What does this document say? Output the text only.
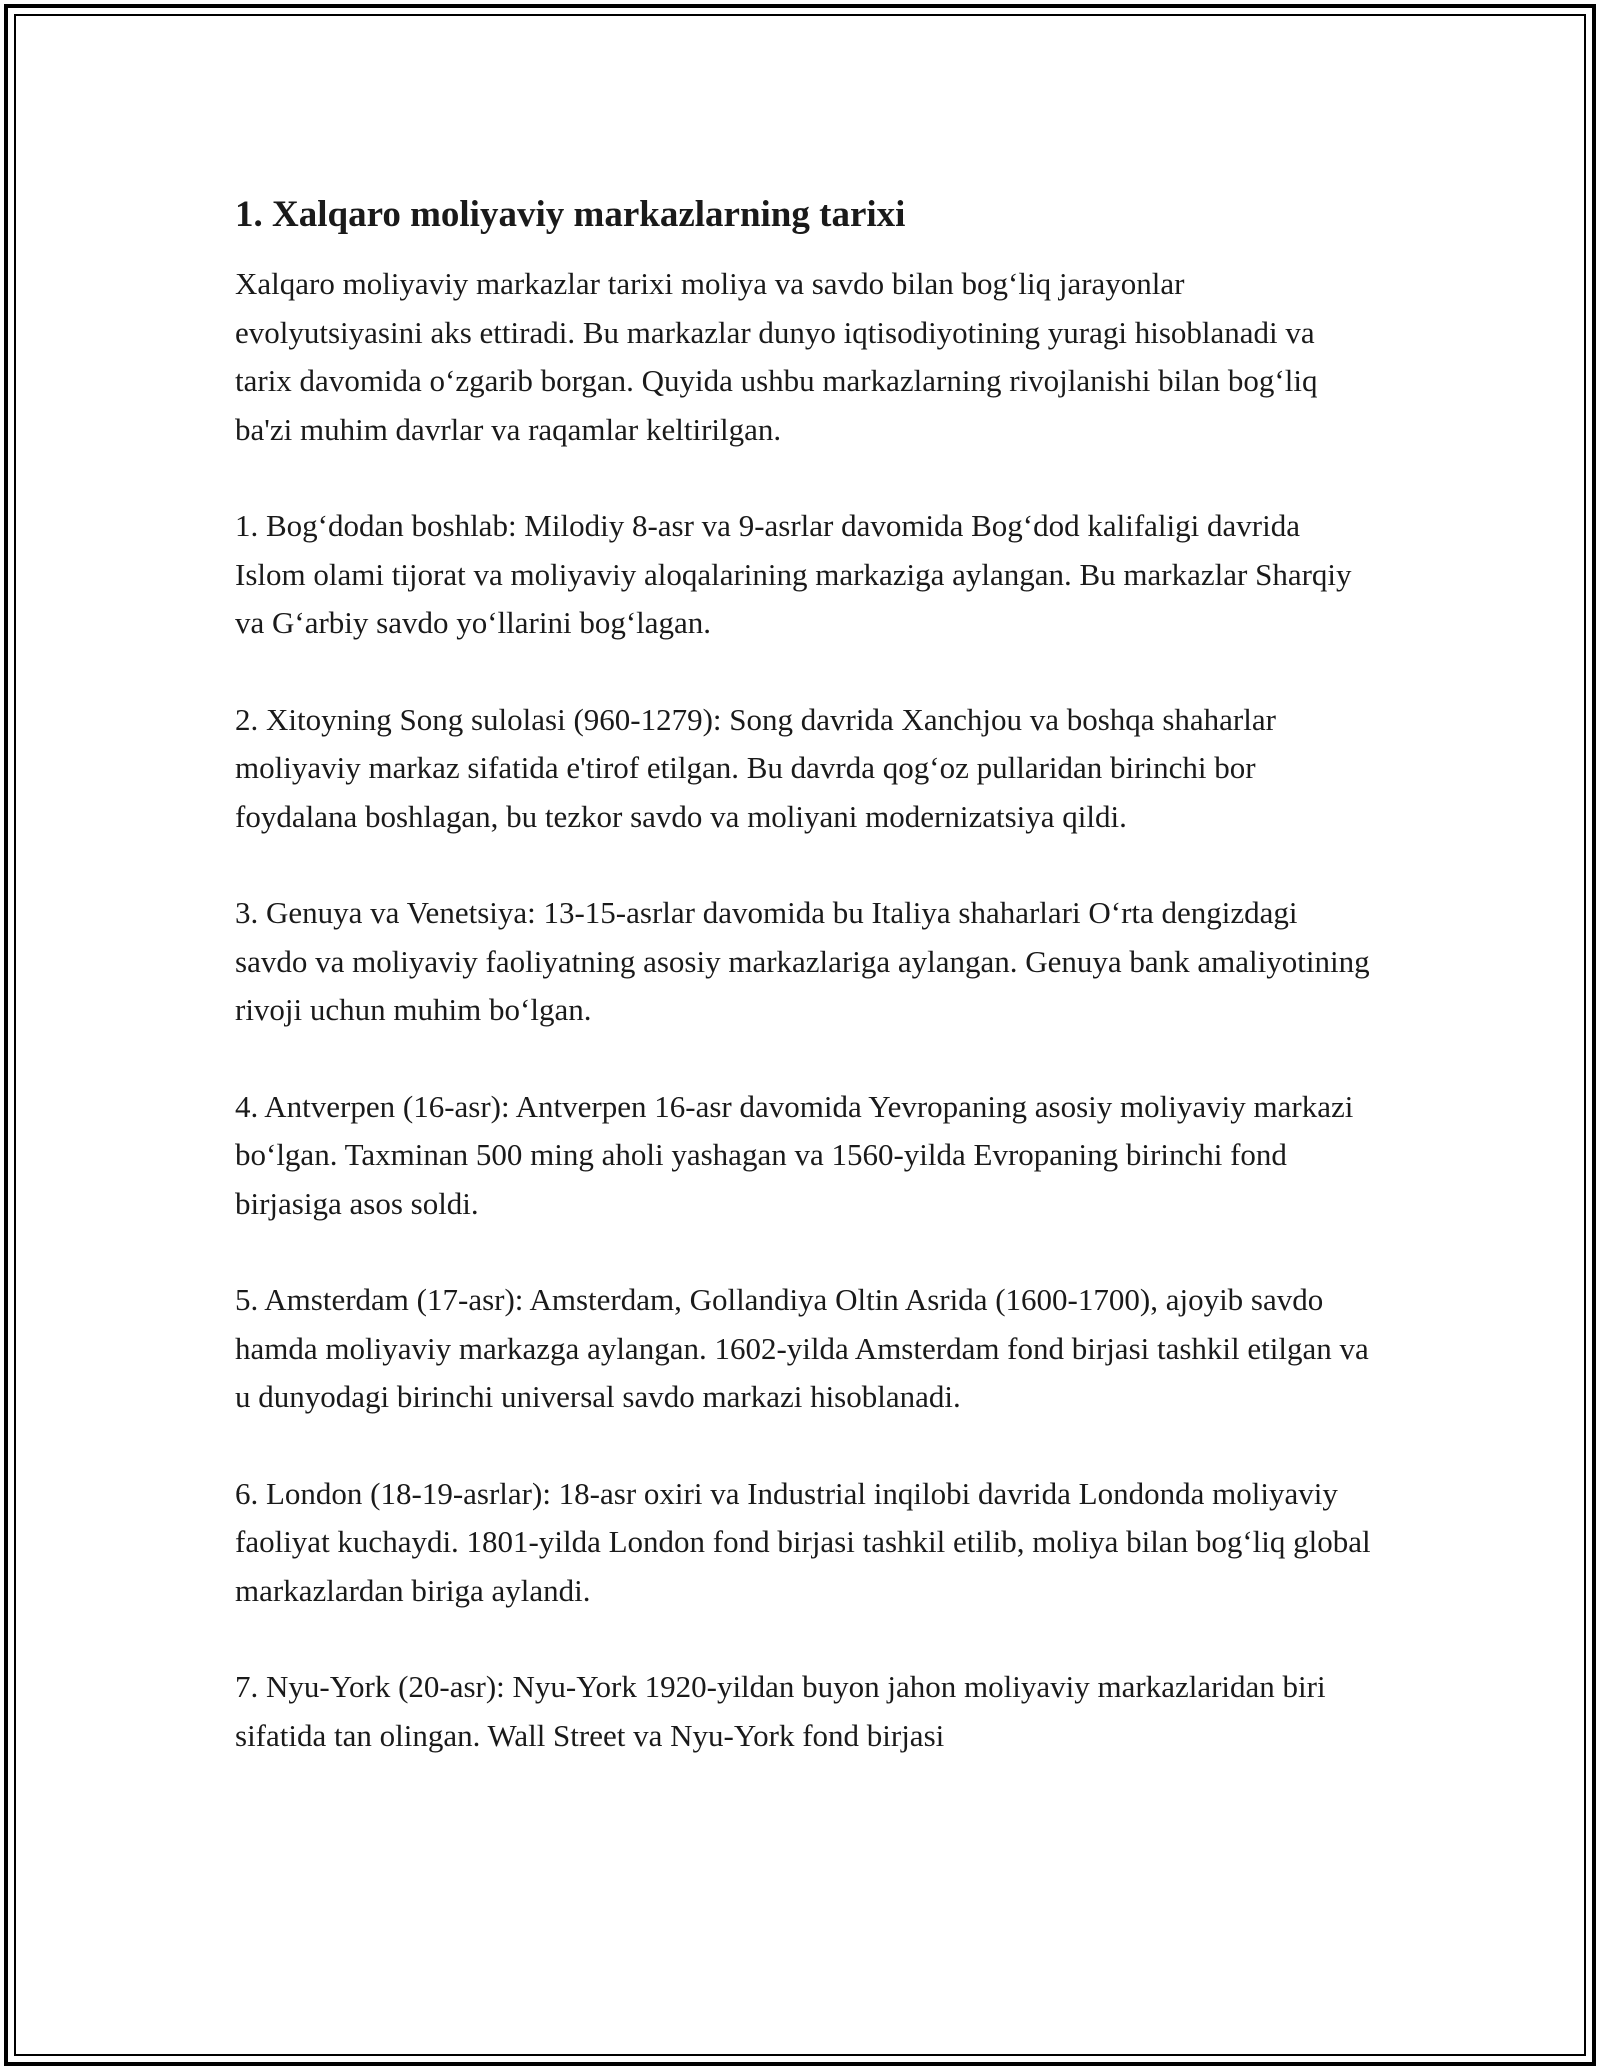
1. Xalqaro moliyaviy markazlarning tarixi

Xalqaro moliyaviy markazlar tarixi moliya va savdo bilan bog‘liq jarayonlar evolyutsiyasini aks ettiradi. Bu markazlar dunyo iqtisodiyotining yuragi hisoblanadi va tarix davomida o‘zgarib borgan. Quyida ushbu markazlarning rivojlanishi bilan bog‘liq ba'zi muhim davrlar va raqamlar keltirilgan.

1. Bog‘dodan boshlab: Milodiy 8-asr va 9-asrlar davomida Bog‘dod kalifaligi davrida Islom olami tijorat va moliyaviy aloqalarining markaziga aylangan. Bu markazlar Sharqiy va G‘arbiy savdo yo‘llarini bog‘lagan.

2. Xitoyning Song sulolasi (960-1279): Song davrida Xanchjou va boshqa shaharlar moliyaviy markaz sifatida e'tirof etilgan. Bu davrda qog‘oz pullaridan birinchi bor foydalana boshlagan, bu tezkor savdo va moliyani modernizatsiya qildi.

3. Genuya va Venetsiya: 13-15-asrlar davomida bu Italiya shaharlari O‘rta dengizdagi savdo va moliyaviy faoliyatning asosiy markazlariga aylangan. Genuya bank amaliyotining rivoji uchun muhim bo‘lgan.

4. Antverpen (16-asr): Antverpen 16-asr davomida Yevropaning asosiy moliyaviy markazi bo‘lgan. Taxminan 500 ming aholi yashagan va 1560-yilda Evropaning birinchi fond birjasiga asos soldi.

5. Amsterdam (17-asr): Amsterdam, Gollandiya Oltin Asrida (1600-1700), ajoyib savdo hamda moliyaviy markazga aylangan. 1602-yilda Amsterdam fond birjasi tashkil etilgan va u dunyodagi birinchi universal savdo markazi hisoblanadi.

6. London (18-19-asrlar): 18-asr oxiri va Industrial inqilobi davrida Londonda moliyaviy faoliyat kuchaydi. 1801-yilda London fond birjasi tashkil etilib, moliya bilan bog‘liq global markazlardan biriga aylandi.

7. Nyu-York (20-asr): Nyu-York 1920-yildan buyon jahon moliyaviy markazlaridan biri sifatida tan olingan. Wall Street va Nyu-York fond birjasi
